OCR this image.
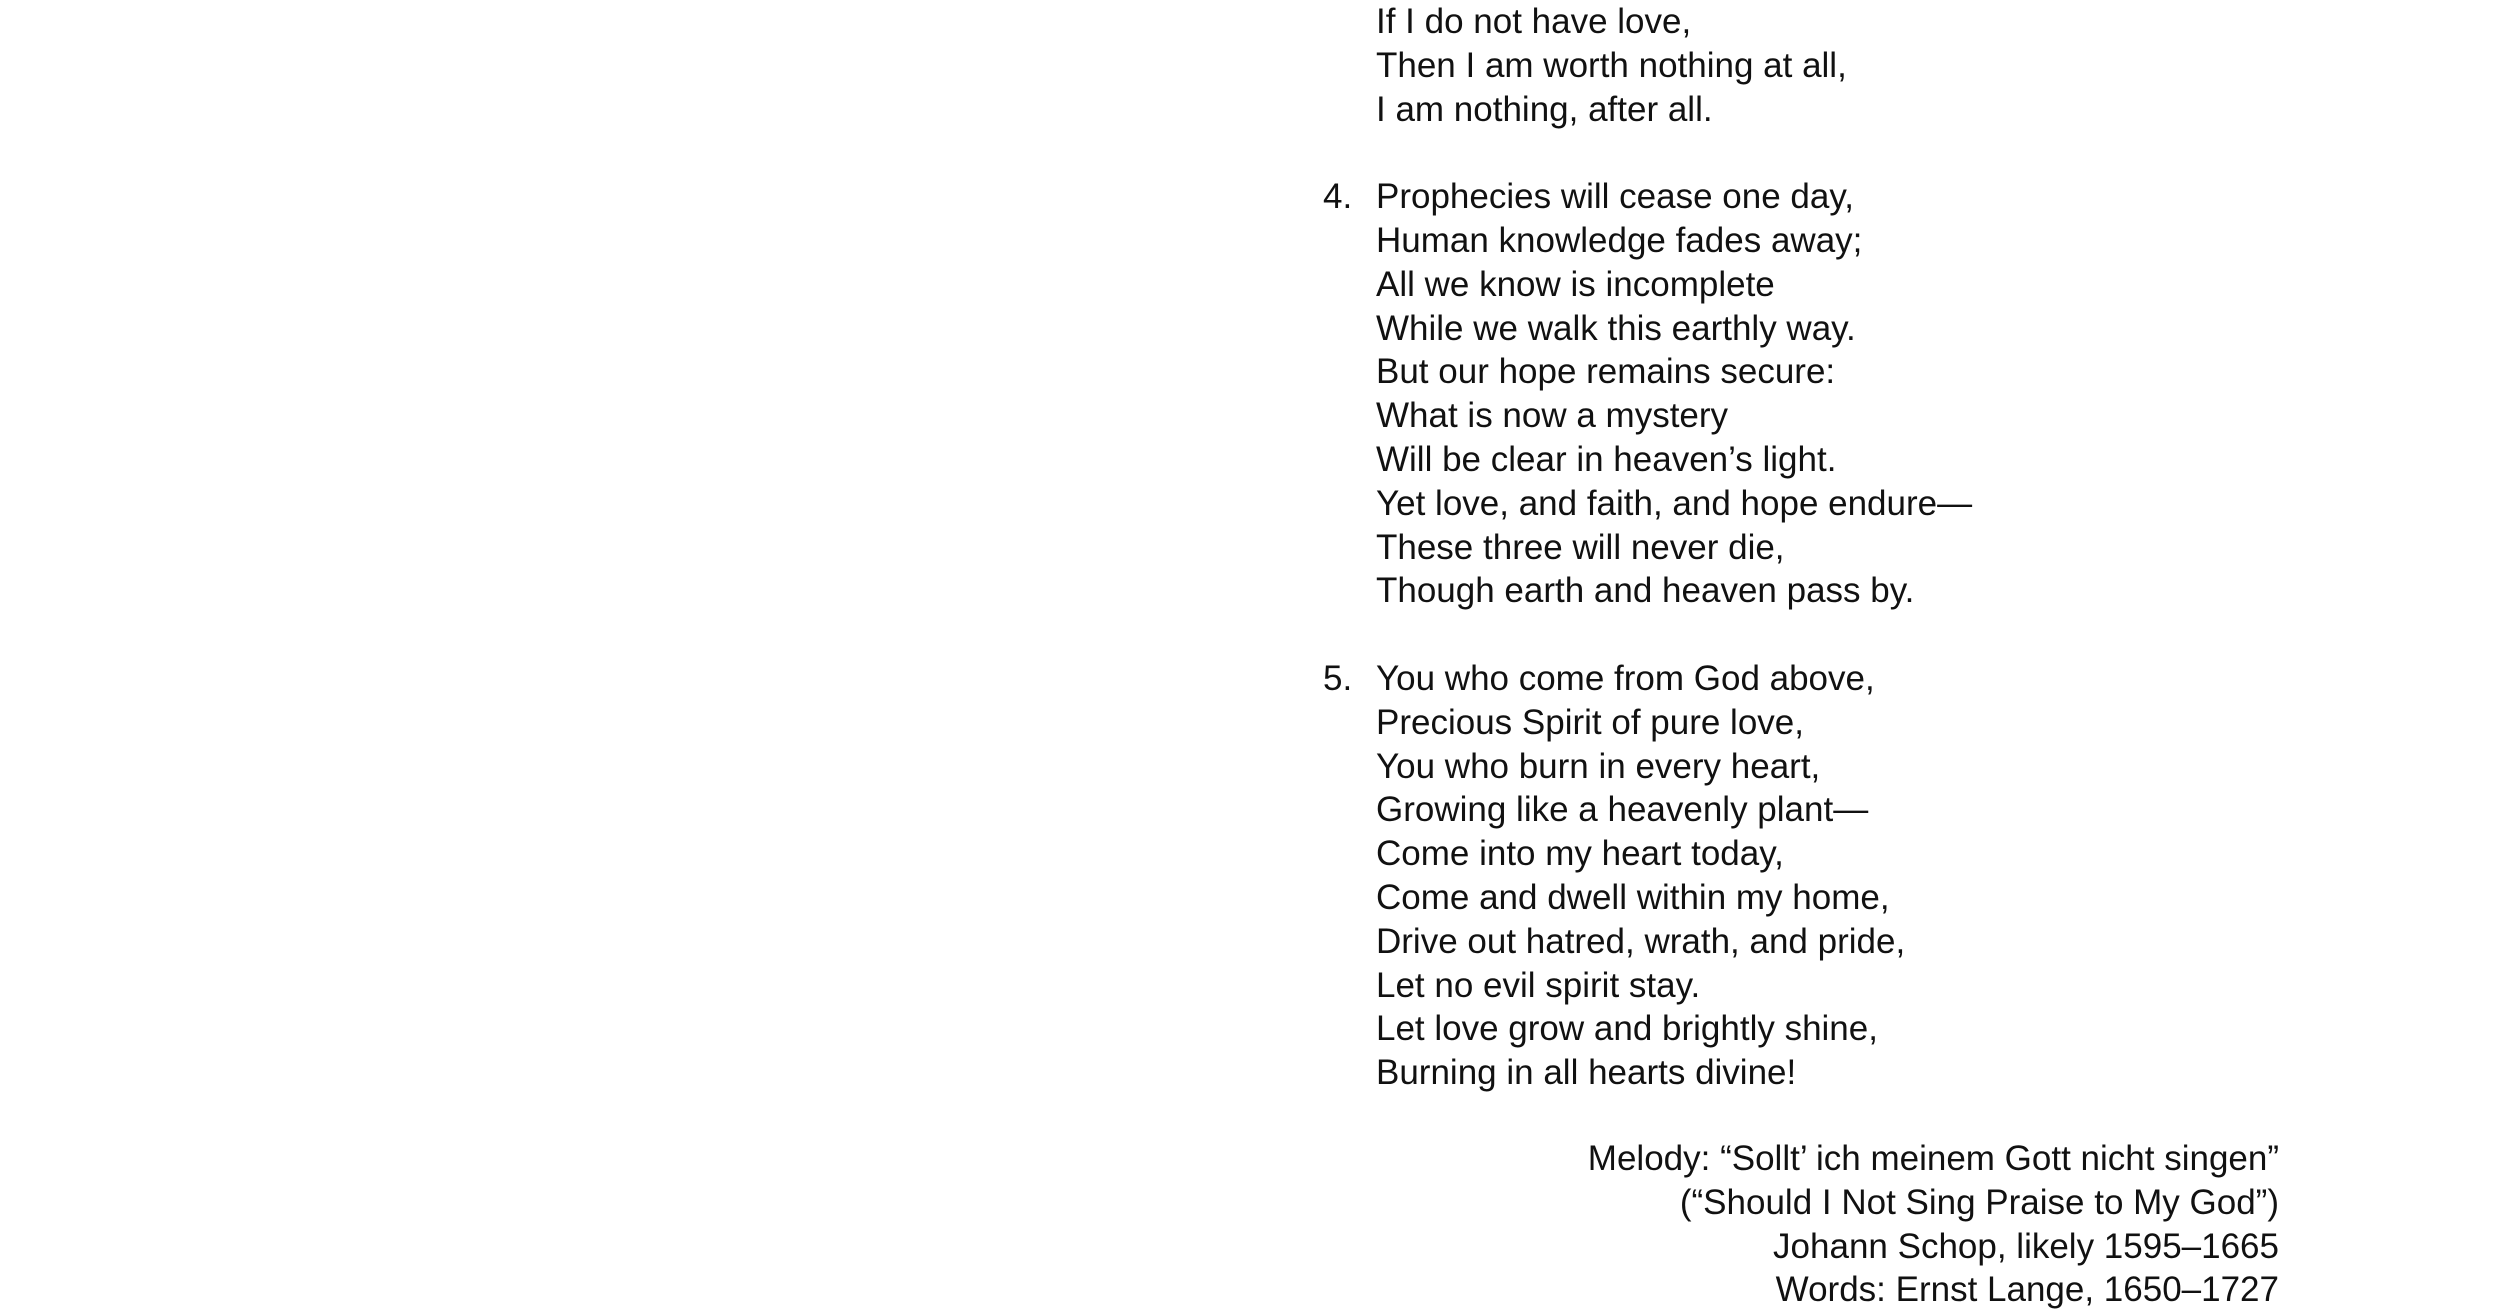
If I do not have love,
Then I am worth nothing at all,
I am nothing, after all.
4. Prophecies will cease one day,
Human knowledge fades away;
All we know is incomplete
While we walk this earthly way.
But our hope remains secure:
What is now a mystery
Will be clear in heaven’s light.
Yet love, and faith, and hope endure—
These three will never die,
Though earth and heaven pass by.
5. You who come from God above,
Precious Spirit of pure love,
You who burn in every heart,
Growing like a heavenly plant—
Come into my heart today,
Come and dwell within my home,
Drive out hatred, wrath, and pride,
Let no evil spirit stay.
Let love grow and brightly shine,
Burning in all hearts divine!
Melody: “Sollt’ ich meinem Gott nicht singen”
(“Should I Not Sing Praise to My God”)
Johann Schop, likely 1595–1665
Words: Ernst Lange, 1650–1727
